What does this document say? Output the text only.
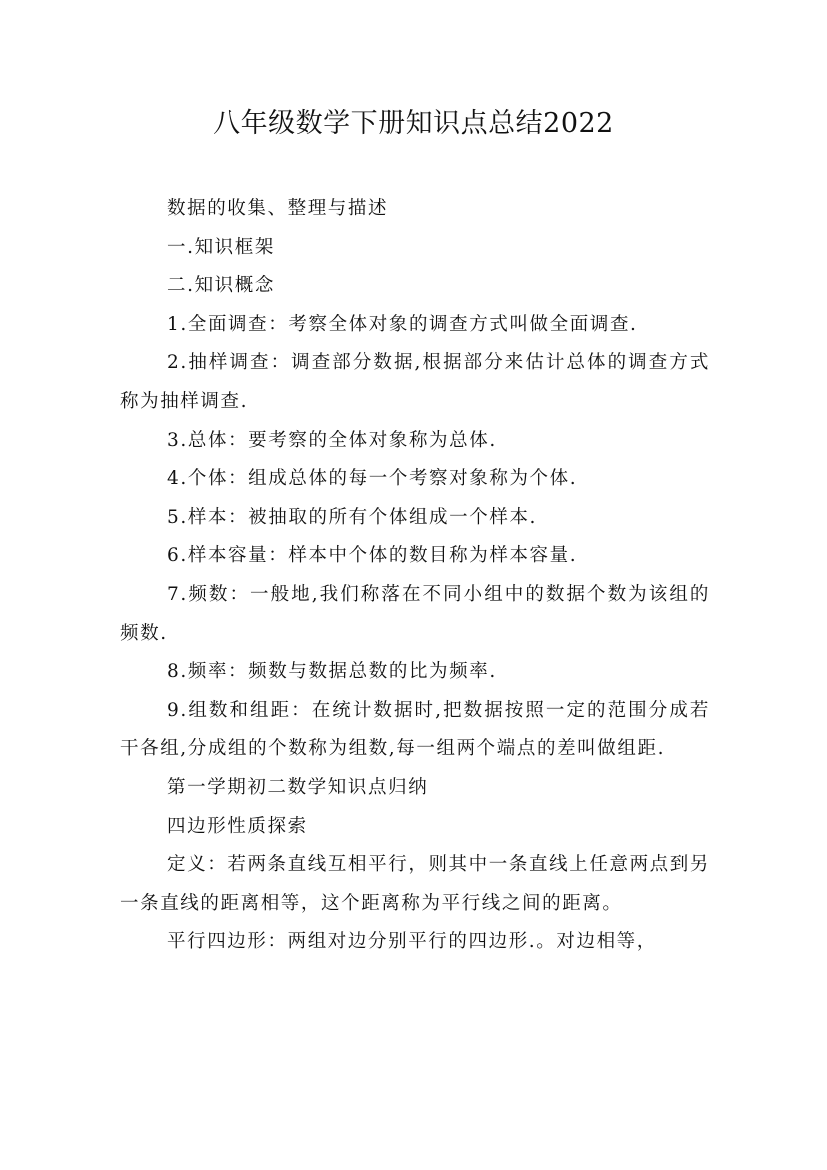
八年级数学下册知识点总结2022

数据的收集、整理与描述

一.知识框架

二.知识概念

1.全面调查：考察全体对象的调查方式叫做全面调查.

2.抽样调查：调查部分数据,根据部分来估计总体的调查方式称为抽样调查.

3.总体：要考察的全体对象称为总体.

4.个体：组成总体的每一个考察对象称为个体.

5.样本：被抽取的所有个体组成一个样本.

6.样本容量：样本中个体的数目称为样本容量.

7.频数：一般地,我们称落在不同小组中的数据个数为该组的频数.

8.频率：频数与数据总数的比为频率.

9.组数和组距：在统计数据时,把数据按照一定的范围分成若干各组,分成组的个数称为组数,每一组两个端点的差叫做组距.

第一学期初二数学知识点归纳

四边形性质探索

定义：若两条直线互相平行，则其中一条直线上任意两点到另一条直线的距离相等，这个距离称为平行线之间的距离。

平行四边形：两组对边分别平行的四边形.。对边相等，
